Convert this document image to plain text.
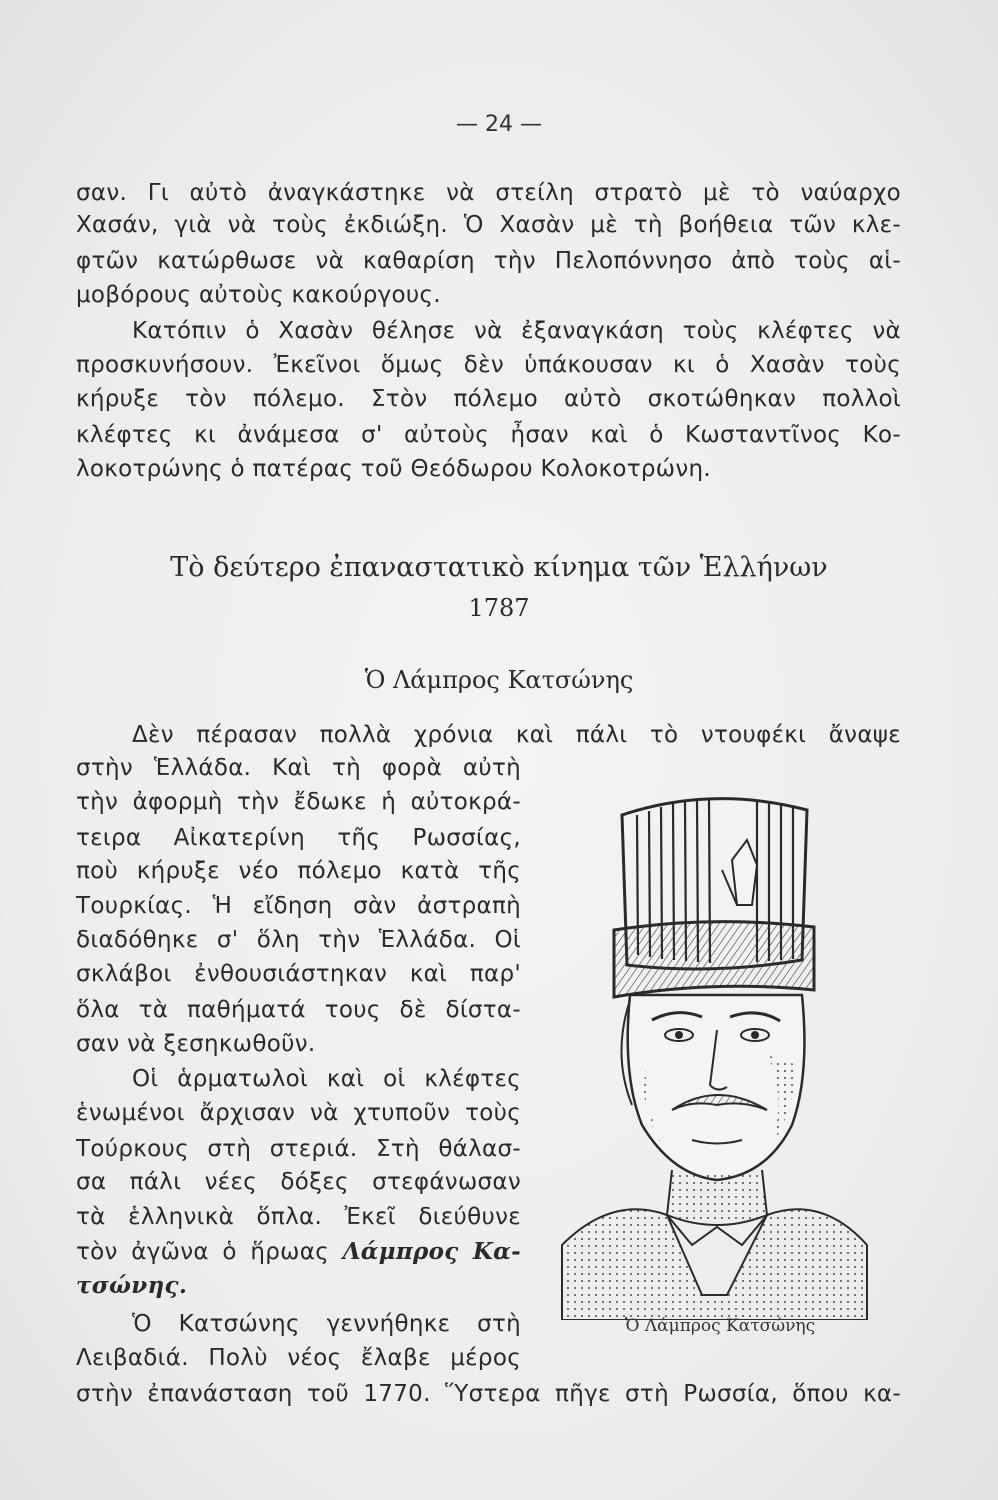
— 24 —
σαν. Γι αὐτὸ ἀναγκάστηκε νὰ στείλη στρατὸ μὲ τὸ ναύαρχο
Χασάν, γιὰ νὰ τοὺς ἐκδιώξη. Ὁ Χασὰν μὲ τὴ βοήθεια τῶν κλε-
φτῶν κατώρθωσε νὰ καθαρίση τὴν Πελοπόννησο ἀπὸ τοὺς αἱ-
μοβόρους αὐτοὺς κακούργους.
Κατόπιν ὁ Χασὰν θέλησε νὰ ἐξαναγκάση τοὺς κλέφτες νὰ
προσκυνήσουν. Ἐκεῖνοι ὅμως δὲν ὑπάκουσαν κι ὁ Χασὰν τοὺς
κήρυξε τὸν πόλεμο. Στὸν πόλεμο αὐτὸ σκοτώθηκαν πολλοὶ
κλέφτες κι ἀνάμεσα σ' αὐτοὺς ἦσαν καὶ ὁ Κωσταντῖνος Κο-
λοκοτρώνης ὁ πατέρας τοῦ Θεόδωρου Κολοκοτρώνη.
Τὸ δεύτερο ἐπαναστατικὸ κίνημα τῶν Ἑλλήνων
1787
Ὁ Λάμπρος Κατσώνης
Δὲν πέρασαν πολλὰ χρόνια καὶ πάλι τὸ ντουφέκι ἄναψε
στὴν Ἑλλάδα. Καὶ τὴ φορὰ αὐτὴ
τὴν ἀφορμὴ τὴν ἔδωκε ἡ αὐτοκρά-
τειρα Αἰκατερίνη τῆς Ρωσσίας,
ποὺ κήρυξε νέο πόλεμο κατὰ τῆς
Τουρκίας. Ἡ εἴδηση σὰν ἀστραπὴ
διαδόθηκε σ' ὅλη τὴν Ἑλλάδα. Οἱ
σκλάβοι ἐνθουσιάστηκαν καὶ παρ'
ὅλα τὰ παθήματά τους δὲ δίστα-
σαν νὰ ξεσηκωθοῦν.
Οἱ ἁρματωλοὶ καὶ οἱ κλέφτες
ἑνωμένοι ἄρχισαν νὰ χτυποῦν τοὺς
Τούρκους στὴ στεριά. Στὴ θάλασ-
σα πάλι νέες δόξες στεφάνωσαν
τὰ ἑλληνικὰ ὅπλα. Ἐκεῖ διεύθυνε
τὸν ἀγῶνα ὁ ἥρωας Λάμπρος Κα-
τσώνης.
Ὁ Κατσώνης γεννήθηκε στὴ
Λειβαδιά. Πολὺ νέος ἔλαβε μέρος
στὴν ἐπανάσταση τοῦ 1770. Ὕστερα πῆγε στὴ Ρωσσία, ὅπου κα-
Ὁ Λάμπρος Κατσώνης
